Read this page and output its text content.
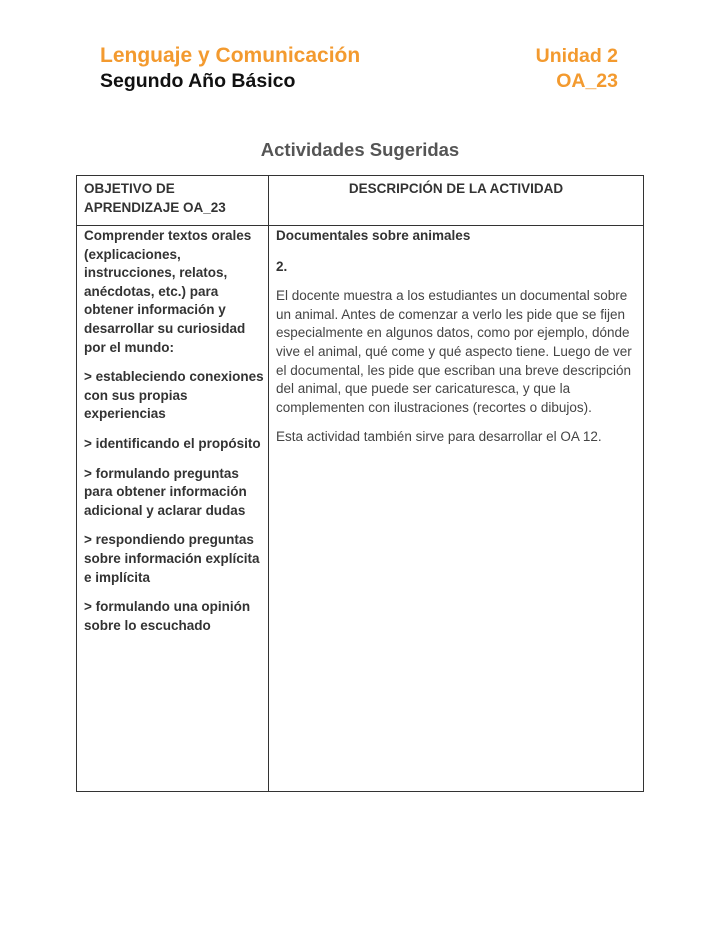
Lenguaje y Comunicación
Segundo Año Básico
Unidad 2
OA_23
Actividades Sugeridas
OBJETIVO DE APRENDIZAJE OA_23
DESCRIPCIÓN DE LA ACTIVIDAD

Comprender textos orales (explicaciones, instrucciones, relatos, anécdotas, etc.) para obtener información y desarrollar su curiosidad por el mundo:

> estableciendo conexiones con sus propias experiencias

> identificando el propósito

> formulando preguntas para obtener información adicional y aclarar dudas

> respondiendo preguntas sobre información explícita e implícita

> formulando una opinión sobre lo escuchado

Documentales sobre animales
2.

El docente muestra a los estudiantes un documental sobre un animal. Antes de comenzar a verlo les pide que se fijen especialmente en algunos datos, como por ejemplo, dónde vive el animal, qué come y qué aspecto tiene. Luego de ver el documental, les pide que escriban una breve descripción del animal, que puede ser caricaturesca, y que la complementen con ilustraciones (recortes o dibujos).

Esta actividad también sirve para desarrollar el OA 12.
